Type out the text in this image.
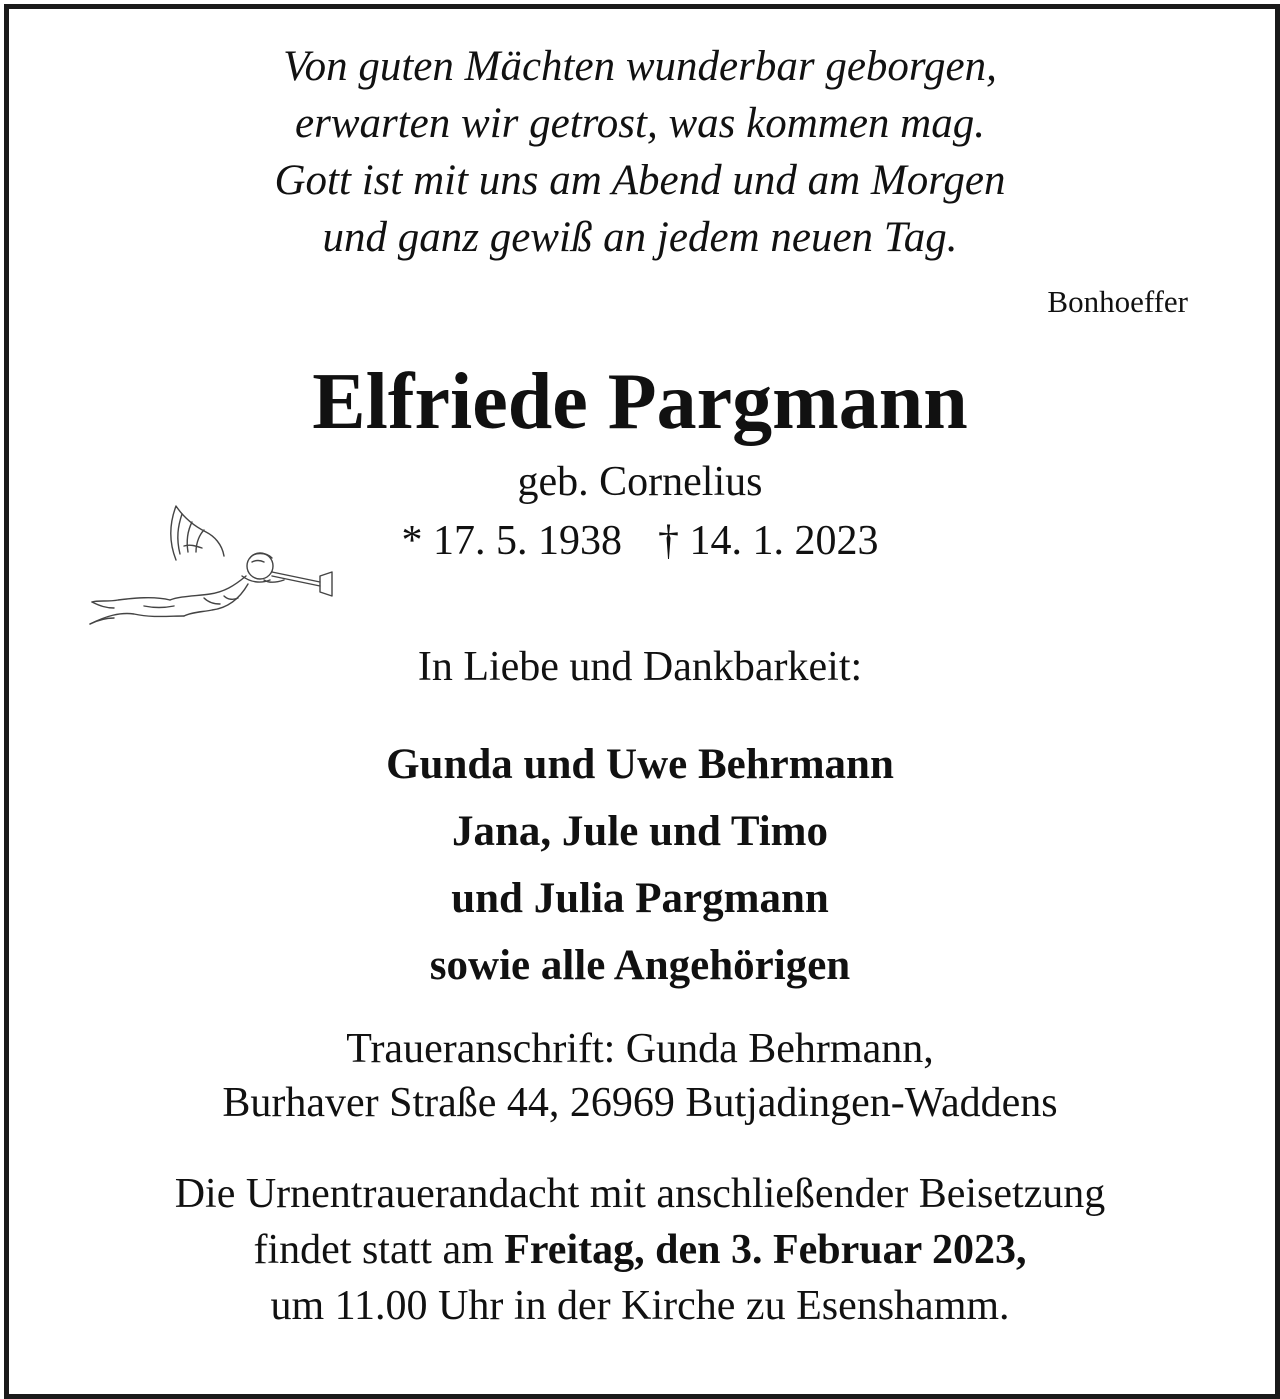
Von guten Mächten wunderbar geborgen,
erwarten wir getrost, was kommen mag.
Gott ist mit uns am Abend und am Morgen
und ganz gewiß an jedem neuen Tag.
Bonhoeffer
Elfriede Pargmann
geb. Cornelius
* 17. 5. 1938 † 14. 1. 2023
In Liebe und Dankbarkeit:
Gunda und Uwe Behrmann
Jana, Jule und Timo
und Julia Pargmann
sowie alle Angehörigen
Traueranschrift: Gunda Behrmann,
Burhaver Straße 44, 26969 Butjadingen-Waddens
Die Urnentrauerandacht mit anschließender Beisetzung
findet statt am Freitag, den 3. Februar 2023,
um 11.00 Uhr in der Kirche zu Esenshamm.
